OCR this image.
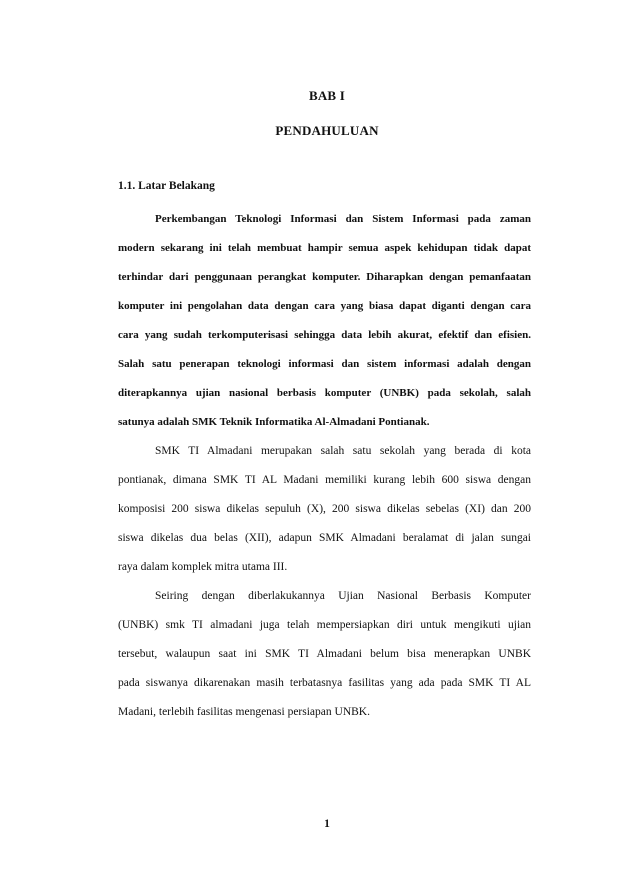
BAB I
PENDAHULUAN
1.1. Latar Belakang
Perkembangan Teknologi Informasi dan Sistem Informasi pada zaman
modern sekarang ini telah membuat hampir semua aspek kehidupan tidak dapat
terhindar dari penggunaan perangkat komputer. Diharapkan dengan pemanfaatan
komputer ini pengolahan data dengan cara yang biasa dapat diganti dengan cara
cara yang sudah terkomputerisasi sehingga data lebih akurat, efektif dan efisien.
Salah satu penerapan teknologi informasi dan sistem informasi adalah dengan
diterapkannya ujian nasional berbasis komputer (UNBK) pada sekolah, salah
satunya adalah SMK Teknik Informatika Al-Almadani Pontianak.
SMK TI Almadani merupakan salah satu sekolah yang berada di kota
pontianak, dimana SMK TI AL Madani memiliki kurang lebih 600 siswa dengan
komposisi 200 siswa dikelas sepuluh (X), 200 siswa dikelas sebelas (XI) dan 200
siswa dikelas dua belas (XII), adapun SMK Almadani beralamat di jalan sungai
raya dalam komplek mitra utama III.
Seiring dengan diberlakukannya Ujian Nasional Berbasis Komputer
(UNBK) smk TI almadani juga telah mempersiapkan diri untuk mengikuti ujian
tersebut, walaupun saat ini SMK TI Almadani belum bisa menerapkan UNBK
pada siswanya dikarenakan masih terbatasnya fasilitas yang ada pada SMK TI AL
Madani, terlebih fasilitas mengenasi persiapan UNBK.
1
